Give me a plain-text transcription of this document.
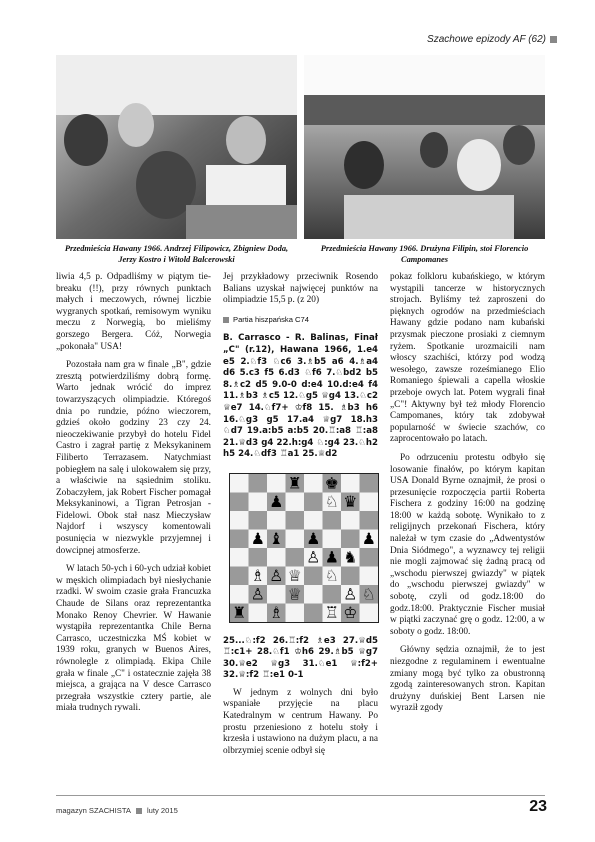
Szachowe epizody AF (62)
Przedmieścia Hawany 1966. Andrzej Filipowicz, Zbigniew Doda, Jerzy Kostro i Witold Balcerowski
Przedmieścia Hawany 1966. Drużyna Filipin, stoi Florencio Campomanes

liwia 4,5 p. Odpadliśmy w piątym tie-breaku (!!), przy równych punktach małych i meczowych, równej liczbie wygranych spotkań, remisowym wyniku meczu z Norwegią, bo mieliśmy gorszego Bergera. Cóż, Norwegia „pokonała" USA!

Pozostała nam gra w finale „B", gdzie zresztą potwierdziliśmy dobrą formę. Warto jednak wrócić do imprez towarzyszących olimpiadzie. Któregoś dnia po rundzie, późno wieczorem, gdzieś około godziny 23 czy 24. nieoczekiwanie przybył do hotelu Fidel Castro i zagrał partię z Meksykaninem Filiberto Terrazasem. Natychmiast pobiegłem na salę i ulokowałem się przy, a właściwie na sąsiednim stoliku. Zobaczyłem, jak Robert Fischer pomagał Meksykaninowi, a Tigran Petrosjan - Fidelowi. Obok stał nasz Mieczysław Najdorf i wszyscy komentowali posunięcia w niezwykle przyjemnej i dowcipnej atmosferze.

W latach 50-ych i 60-ych udział kobiet w męskich olimpiadach był niesłychanie rzadki. W swoim czasie grała Francuzka Chaude de Silans oraz reprezentantka Monako Renoy Chevrier. W Hawanie wystąpiła reprezentantka Chile Berna Carrasco, uczestniczka MŚ kobiet w 1939 roku, granych w Buenos Aires, równolegle z olimpiadą. Ekipa Chile grała w finale „C" i ostatecznie zajęła 38 miejsca, a grająca na V desce Carrasco przegrała wszystkie cztery partie, ale miała trudnych rywali.

Jej przykładowy przeciwnik Rosendo Balians uzyskał najwięcej punktów na olimpiadzie 15,5 p. (z 20)

Partia hiszpańska C74
B. Carrasco - R. Balinas, Finał „C" (r.12), Hawana 1966, 1.e4 e5 2.♘f3 ♘c6 3.♗b5 a6 4.♗a4 d6 5.c3 f5 6.d3 ♘f6 7.♘bd2 b5 8.♗c2 d5 9.0-0 d:e4 10.d:e4 f4 11.♗b3 ♗c5 12.♘g5 ♕g4 13.♘c2 ♕e7 14.♘f7+ ♔f8 15. ♗b3 h6 16.♘g3 g5 17.a4 ♕g7 18.h3 ♘d7 19.a:b5 a:b5 20.♖:a8 ♖:a8 21.♕d3 g4 22.h:g4 ♘:g4 23.♘h2 h5 24.♘df3 ♖a1 25.♕d2
♜ ♚
♛
♟
♟ ♝ ♟ ♟
♗ ♕
♙
♙ ♟ ♞
♘
♘
♙	♙
♕	♘
♜ ♗ ♖ ♔
25...♘:f2 26.♖:f2 ♗e3 27.♕d5 ♖:c1+ 28.♘f1 ♔h6 29.♗b5 ♕g7 30.♕e2 ♕g3 31.♘e1 ♕:f2+ 32.♕:f2 ♖:e1 0-1

W jednym z wolnych dni było wspaniałe przyjęcie na placu Katedralnym w centrum Hawany. Po prostu przeniesiono z hotelu stoły i krzesła i ustawiono na dużym placu, a na olbrzymiej scenie odbył się

pokaz folkloru kubańskiego, w którym wystąpili tancerze w historycznych strojach. Byliśmy też zaproszeni do pięknych ogrodów na przedmieściach Hawany gdzie podano nam kubański przysmak pieczone prosiaki z ciemnym ryżem. Spotkanie urozmaicili nam włoscy szachiści, którzy pod wodzą wesołego, zawsze roześmianego Elio Romaniego śpiewali a capella włoskie przeboje owych lat. Potem wygrali finał „C"! Aktywny był też młody Florencio Campomanes, który tak zdobywał popularność w świecie szachów, co zaprocentowało po latach.

Po odrzuceniu protestu odbyło się losowanie finałów, po którym kapitan USA Donald Byrne oznajmił, że prosi o przesunięcie rozpoczęcia partii Roberta Fischera z godziny 16:00 na godzinę 18:00 w każdą sobotę. Wynikało to z religijnych przekonań Fischera, który należał w tym czasie do „Adwentystów Dnia Siódmego", a wyznawcy tej religii nie mogli zajmować się żadną pracą od „wschodu pierwszej gwiazdy" w piątek do „wschodu pierwszej gwiazdy" w sobotę, czyli od godz.18:00 do godz.18:00. Praktycznie Fischer musiał w piątki zaczynać grę o godz. 12:00, a w soboty o godz. 18:00.

Główny sędzia oznajmił, że to jest niezgodne z regulaminem i ewentualne zmiany mogą być tylko za obustronną zgodą zainteresowanych stron. Kapitan drużyny duńskiej Bent Larsen nie wyraził zgody

magazyn SZACHISTA luty 2015	23
